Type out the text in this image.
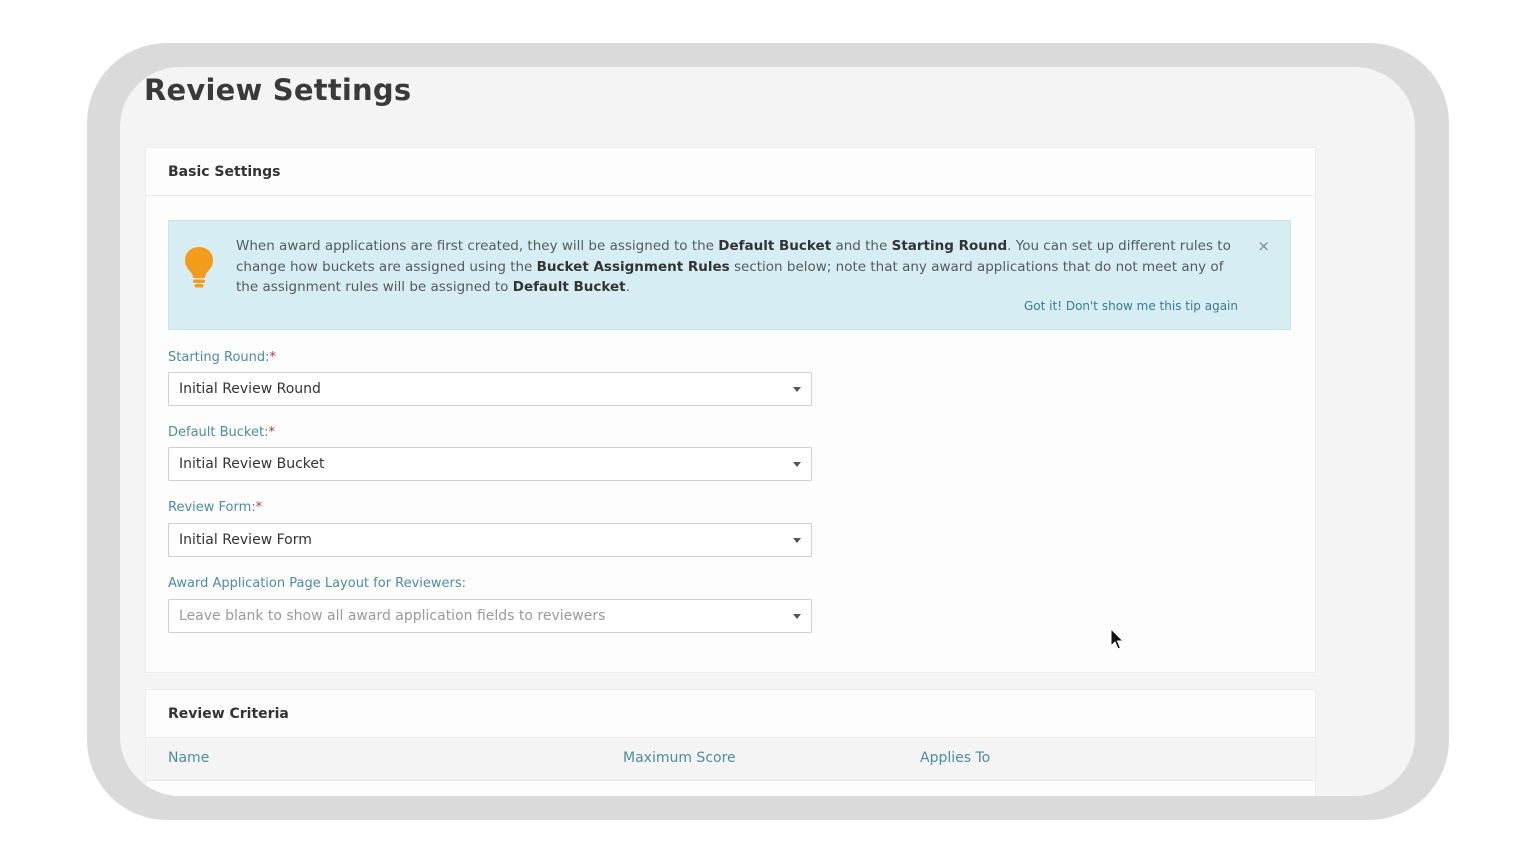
Review Settings
Basic Settings
When award applications are first created, they will be assigned to the Default Bucket and the Starting Round. You can set up different rules to change how buckets are assigned using the Bucket Assignment Rules section below; note that any award applications that do not meet any of the assignment rules will be assigned to Default Bucket.
×
Got it! Don't show me this tip again
Starting Round:*
Initial Review Round
Default Bucket:*
Initial Review Bucket
Review Form:*
Initial Review Form
Award Application Page Layout for Reviewers:
Leave blank to show all award application fields to reviewers
Review Criteria
Name	Maximum Score	Applies To
